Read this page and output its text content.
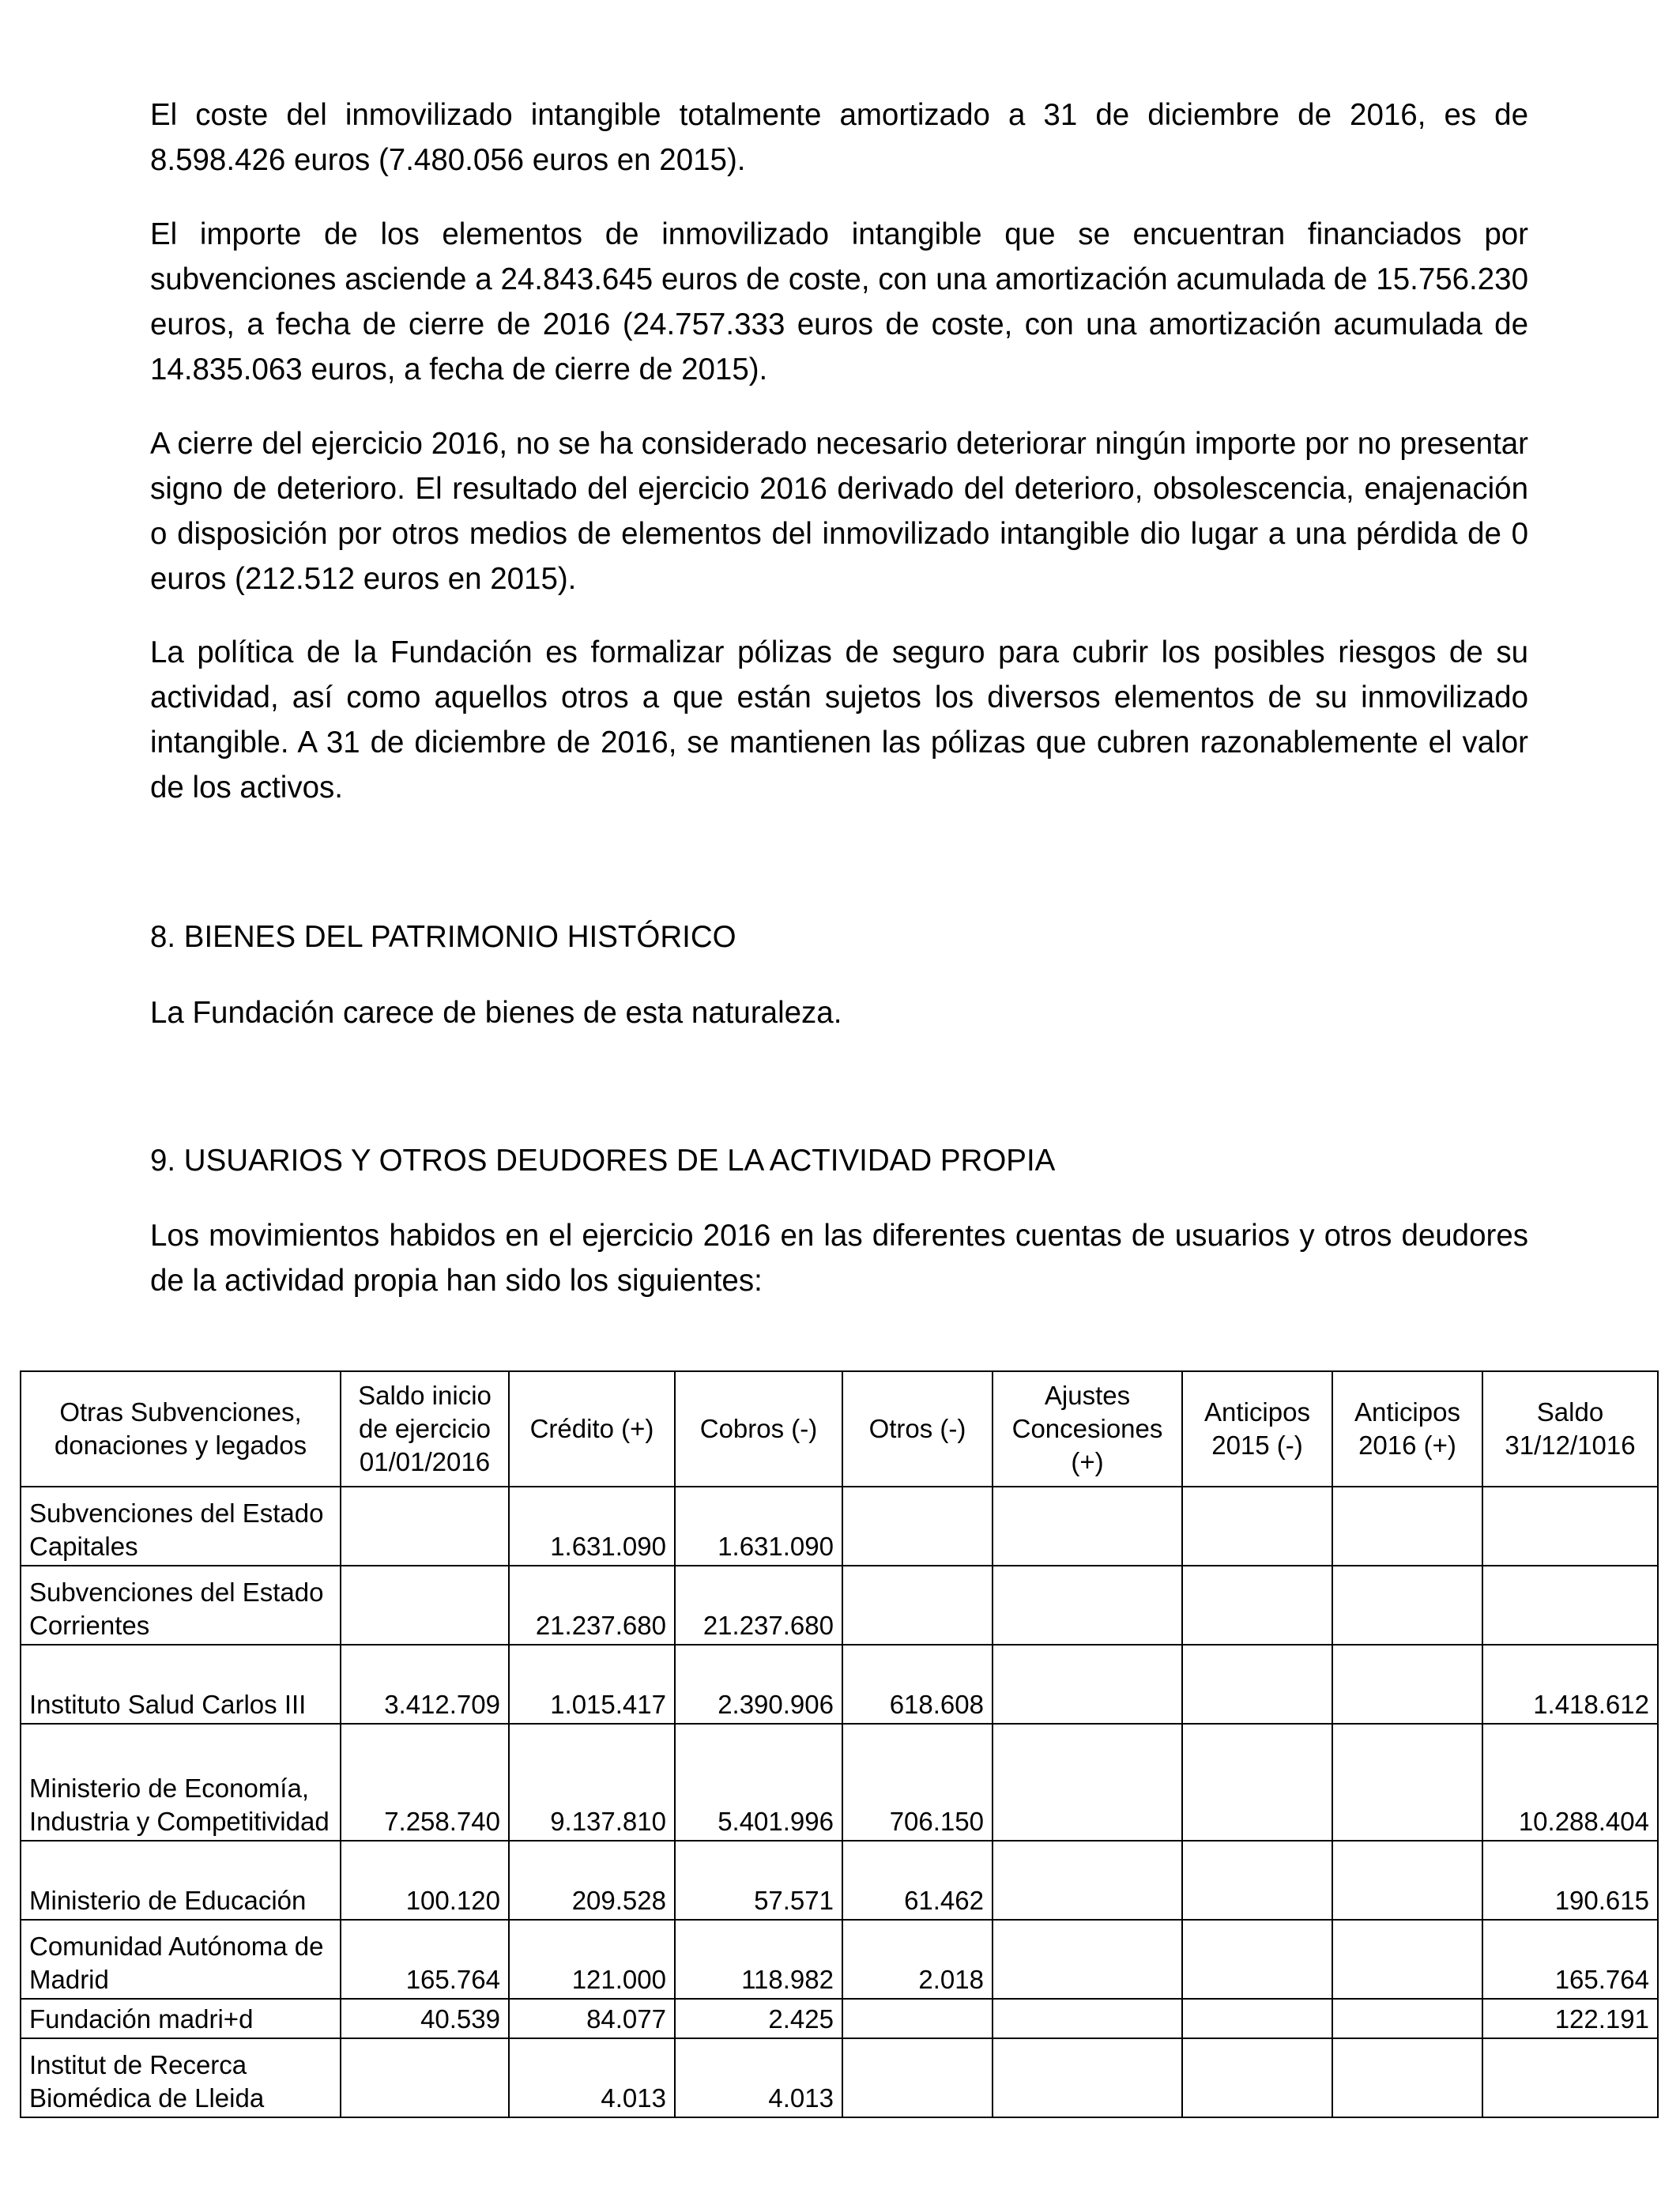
El coste del inmovilizado intangible totalmente amortizado a 31 de diciembre de 2016, es de 8.598.426 euros (7.480.056 euros en 2015).

El importe de los elementos de inmovilizado intangible que se encuentran financiados por subvenciones asciende a 24.843.645 euros de coste, con una amortización acumulada de 15.756.230 euros, a fecha de cierre de 2016 (24.757.333 euros de coste, con una amortización acumulada de 14.835.063 euros, a fecha de cierre de 2015).

A cierre del ejercicio 2016, no se ha considerado necesario deteriorar ningún importe por no presentar signo de deterioro. El resultado del ejercicio 2016 derivado del deterioro, obsolescencia, enajenación o disposición por otros medios de elementos del inmovilizado intangible dio lugar a una pérdida de 0 euros (212.512 euros en 2015).

La política de la Fundación es formalizar pólizas de seguro para cubrir los posibles riesgos de su actividad, así como aquellos otros a que están sujetos los diversos elementos de su inmovilizado intangible. A 31 de diciembre de 2016, se mantienen las pólizas que cubren razonablemente el valor de los activos.

8. BIENES DEL PATRIMONIO HISTÓRICO

La Fundación carece de bienes de esta naturaleza.

9. USUARIOS Y OTROS DEUDORES DE LA ACTIVIDAD PROPIA

Los movimientos habidos en el ejercicio 2016 en las diferentes cuentas de usuarios y otros deudores de la actividad propia han sido los siguientes:

Otras Subvenciones, donaciones y legados	Saldo inicio de ejercicio 01/01/2016	Crédito (+)	Cobros (-)	Otros (-)	Ajustes Concesiones (+)	Anticipos 2015 (-)	Anticipos 2016 (+)	Saldo 31/12/1016
Subvenciones del Estado Capitales		1.631.090	1.631.090					
Subvenciones del Estado Corrientes		21.237.680	21.237.680					
Instituto Salud Carlos III	3.412.709	1.015.417	2.390.906	618.608				1.418.612
Ministerio de Economía, Industria y Competitividad	7.258.740	9.137.810	5.401.996	706.150				10.288.404
Ministerio de Educación	100.120	209.528	57.571	61.462				190.615
Comunidad Autónoma de Madrid	165.764	121.000	118.982	2.018				165.764
Fundación madri+d	40.539	84.077	2.425					122.191
Institut de Recerca Biomédica de Lleida		4.013	4.013					
